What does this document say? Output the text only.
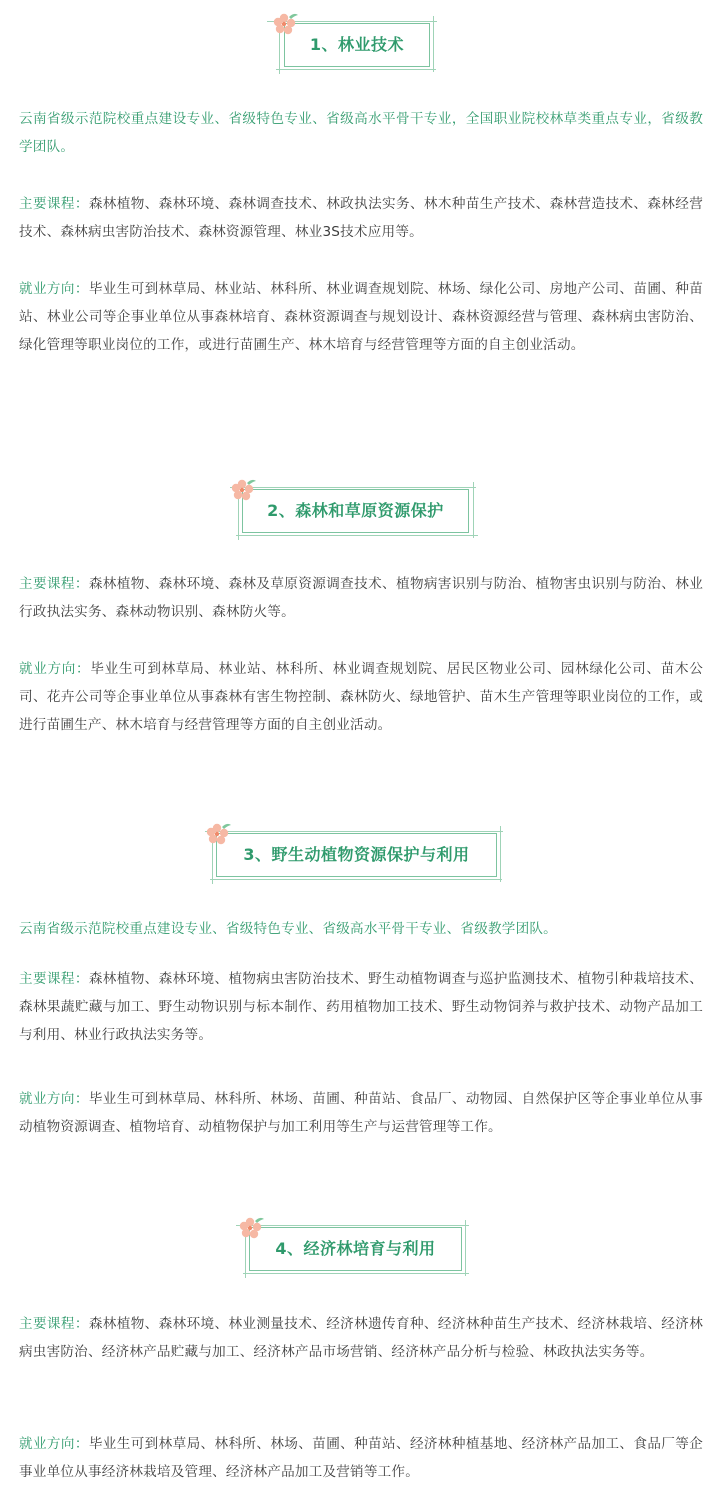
1、林业技术

云南省级示范院校重点建设专业、省级特色专业、省级高水平骨干专业，全国职业院校林草类重点专业，省级教学团队。

主要课程：森林植物、森林环境、森林调查技术、林政执法实务、林木种苗生产技术、森林营造技术、森林经营技术、森林病虫害防治技术、森林资源管理、林业3S技术应用等。

就业方向：毕业生可到林草局、林业站、林科所、林业调查规划院、林场、绿化公司、房地产公司、苗圃、种苗站、林业公司等企事业单位从事森林培育、森林资源调查与规划设计、森林资源经营与管理、森林病虫害防治、绿化管理等职业岗位的工作，或进行苗圃生产、林木培育与经营管理等方面的自主创业活动。

2、森林和草原资源保护

主要课程：森林植物、森林环境、森林及草原资源调查技术、植物病害识别与防治、植物害虫识别与防治、林业行政执法实务、森林动物识别、森林防火等。

就业方向：毕业生可到林草局、林业站、林科所、林业调查规划院、居民区物业公司、园林绿化公司、苗木公司、花卉公司等企事业单位从事森林有害生物控制、森林防火、绿地管护、苗木生产管理等职业岗位的工作，或进行苗圃生产、林木培育与经营管理等方面的自主创业活动。

3、野生动植物资源保护与利用

云南省级示范院校重点建设专业、省级特色专业、省级高水平骨干专业、省级教学团队。

主要课程：森林植物、森林环境、植物病虫害防治技术、野生动植物调查与巡护监测技术、植物引种栽培技术、森林果蔬贮藏与加工、野生动物识别与标本制作、药用植物加工技术、野生动物饲养与救护技术、动物产品加工与利用、林业行政执法实务等。

就业方向：毕业生可到林草局、林科所、林场、苗圃、种苗站、食品厂、动物园、自然保护区等企事业单位从事动植物资源调查、植物培育、动植物保护与加工利用等生产与运营管理等工作。

4、经济林培育与利用

主要课程：森林植物、森林环境、林业测量技术、经济林遗传育种、经济林种苗生产技术、经济林栽培、经济林病虫害防治、经济林产品贮藏与加工、经济林产品市场营销、经济林产品分析与检验、林政执法实务等。

就业方向：毕业生可到林草局、林科所、林场、苗圃、种苗站、经济林种植基地、经济林产品加工、食品厂等企事业单位从事经济林栽培及管理、经济林产品加工及营销等工作。
